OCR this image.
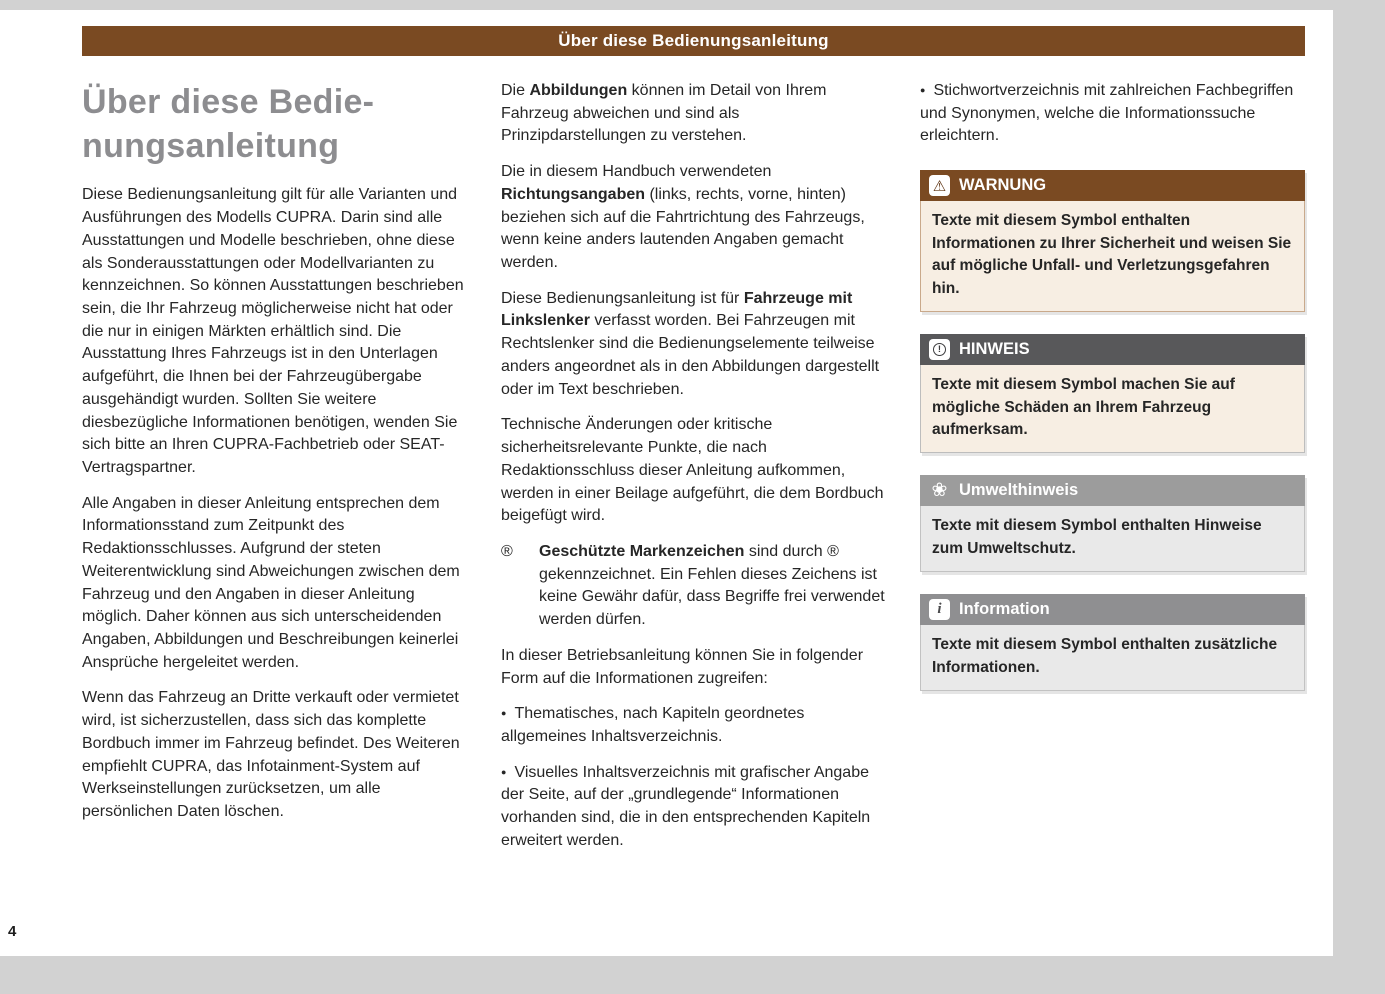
Über diese Bedienungsanleitung
Über diese Bedie-
nungsanleitung

Diese Bedienungsanleitung gilt für alle Varianten und Ausführungen des Modells CUPRA. Darin sind alle Ausstattungen und Modelle beschrieben, ohne diese als Sonderausstattungen oder Modellvarianten zu kennzeichnen. So können Ausstattungen beschrieben sein, die Ihr Fahrzeug möglicherweise nicht hat oder die nur in einigen Märkten erhältlich sind. Die Ausstattung Ihres Fahrzeugs ist in den Unterlagen aufgeführt, die Ihnen bei der Fahrzeugübergabe ausgehändigt wurden. Sollten Sie weitere diesbezügliche Informationen benötigen, wenden Sie sich bitte an Ihren CUPRA-Fachbetrieb oder SEAT-Vertragspartner.

Alle Angaben in dieser Anleitung entsprechen dem Informationsstand zum Zeitpunkt des Redaktionsschlusses. Aufgrund der steten Weiterentwicklung sind Abweichungen zwischen dem Fahrzeug und den Angaben in dieser Anleitung möglich. Daher können aus sich unterscheidenden Angaben, Abbildungen und Beschreibungen keinerlei Ansprüche hergeleitet werden.

Wenn das Fahrzeug an Dritte verkauft oder vermietet wird, ist sicherzustellen, dass sich das komplette Bordbuch immer im Fahrzeug befindet. Des Weiteren empfiehlt CUPRA, das Infotainment-System auf Werkseinstellungen zurücksetzen, um alle persönlichen Daten löschen.

Die Abbildungen können im Detail von Ihrem Fahrzeug abweichen und sind als Prinzipdarstellungen zu verstehen.

Die in diesem Handbuch verwendeten Richtungsangaben (links, rechts, vorne, hinten) beziehen sich auf die Fahrtrichtung des Fahrzeugs, wenn keine anders lautenden Angaben gemacht werden.

Diese Bedienungsanleitung ist für Fahrzeuge mit Linkslenker verfasst worden. Bei Fahrzeugen mit Rechtslenker sind die Bedienungselemente teilweise anders angeordnet als in den Abbildungen dargestellt oder im Text beschrieben.

Technische Änderungen oder kritische sicherheitsrelevante Punkte, die nach Redaktionsschluss dieser Anleitung aufkommen, werden in einer Beilage aufgeführt, die dem Bordbuch beigefügt wird.

® Geschützte Markenzeichen sind durch ® gekennzeichnet. Ein Fehlen dieses Zeichens ist keine Gewähr dafür, dass Begriffe frei verwendet werden dürfen.

In dieser Betriebsanleitung können Sie in folgender Form auf die Informationen zugreifen:

● Thematisches, nach Kapiteln geordnetes allgemeines Inhaltsverzeichnis.

● Visuelles Inhaltsverzeichnis mit grafischer Angabe der Seite, auf der „grundlegende“ Informationen vorhanden sind, die in den entsprechenden Kapiteln erweitert werden.

● Stichwortverzeichnis mit zahlreichen Fachbegriffen und Synonymen, welche die Informationssuche erleichtern.

⚠ WARNUNG
Texte mit diesem Symbol enthalten Informationen zu Ihrer Sicherheit und weisen Sie auf mögliche Unfall- und Verletzungsgefahren hin.
! HINWEIS
Texte mit diesem Symbol machen Sie auf mögliche Schäden an Ihrem Fahrzeug aufmerksam.
❀ Umwelthinweis
Texte mit diesem Symbol enthalten Hinweise zum Umweltschutz.
i Information
Texte mit diesem Symbol enthalten zusätzliche Informationen.
4
